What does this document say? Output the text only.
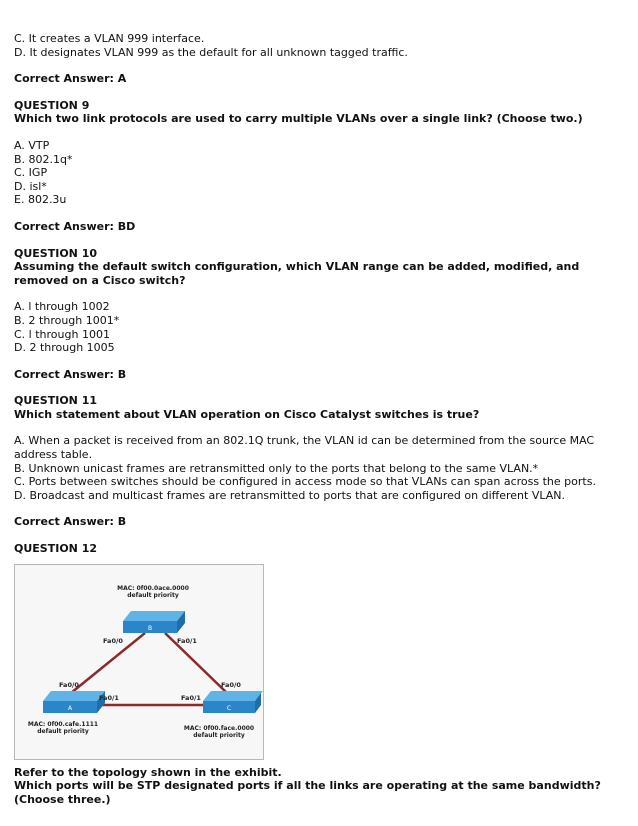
C. It creates a VLAN 999 interface.
D. It designates VLAN 999 as the default for all unknown tagged traffic.
Correct Answer: A
QUESTION 9
Which two link protocols are used to carry multiple VLANs over a single link? (Choose two.)
A. VTP
B. 802.1q*
C. IGP
D. isl*
E. 802.3u
Correct Answer: BD
QUESTION 10
Assuming the default switch configuration, which VLAN range can be added, modified, and removed on a Cisco switch?
A. l through 1002
B. 2 through 1001*
C. l through 1001
D. 2 through 1005
Correct Answer: B
QUESTION 11
Which statement about VLAN operation on Cisco Catalyst switches is true?
A. When a packet is received from an 802.1Q trunk, the VLAN id can be determined from the source MAC address table.
B. Unknown unicast frames are retransmitted only to the ports that belong to the same VLAN.*
C. Ports between switches should be configured in access mode so that VLANs can span across the ports.
D. Broadcast and multicast frames are retransmitted to ports that are configured on different VLAN.
Correct Answer: B
QUESTION 12
B
A	C
MAC: 0f00.0ace.0000
default priority
Fa0/0	Fa0/1
Fa0/0
Fa0/1
Fa0/0
Fa0/1
MAC: 0f00.cafe.1111
default priority	MAC: 0f00.face.0000
default priority
Refer to the topology shown in the exhibit.
Which ports will be STP designated ports if all the links are operating at the same bandwidth? (Choose three.)
